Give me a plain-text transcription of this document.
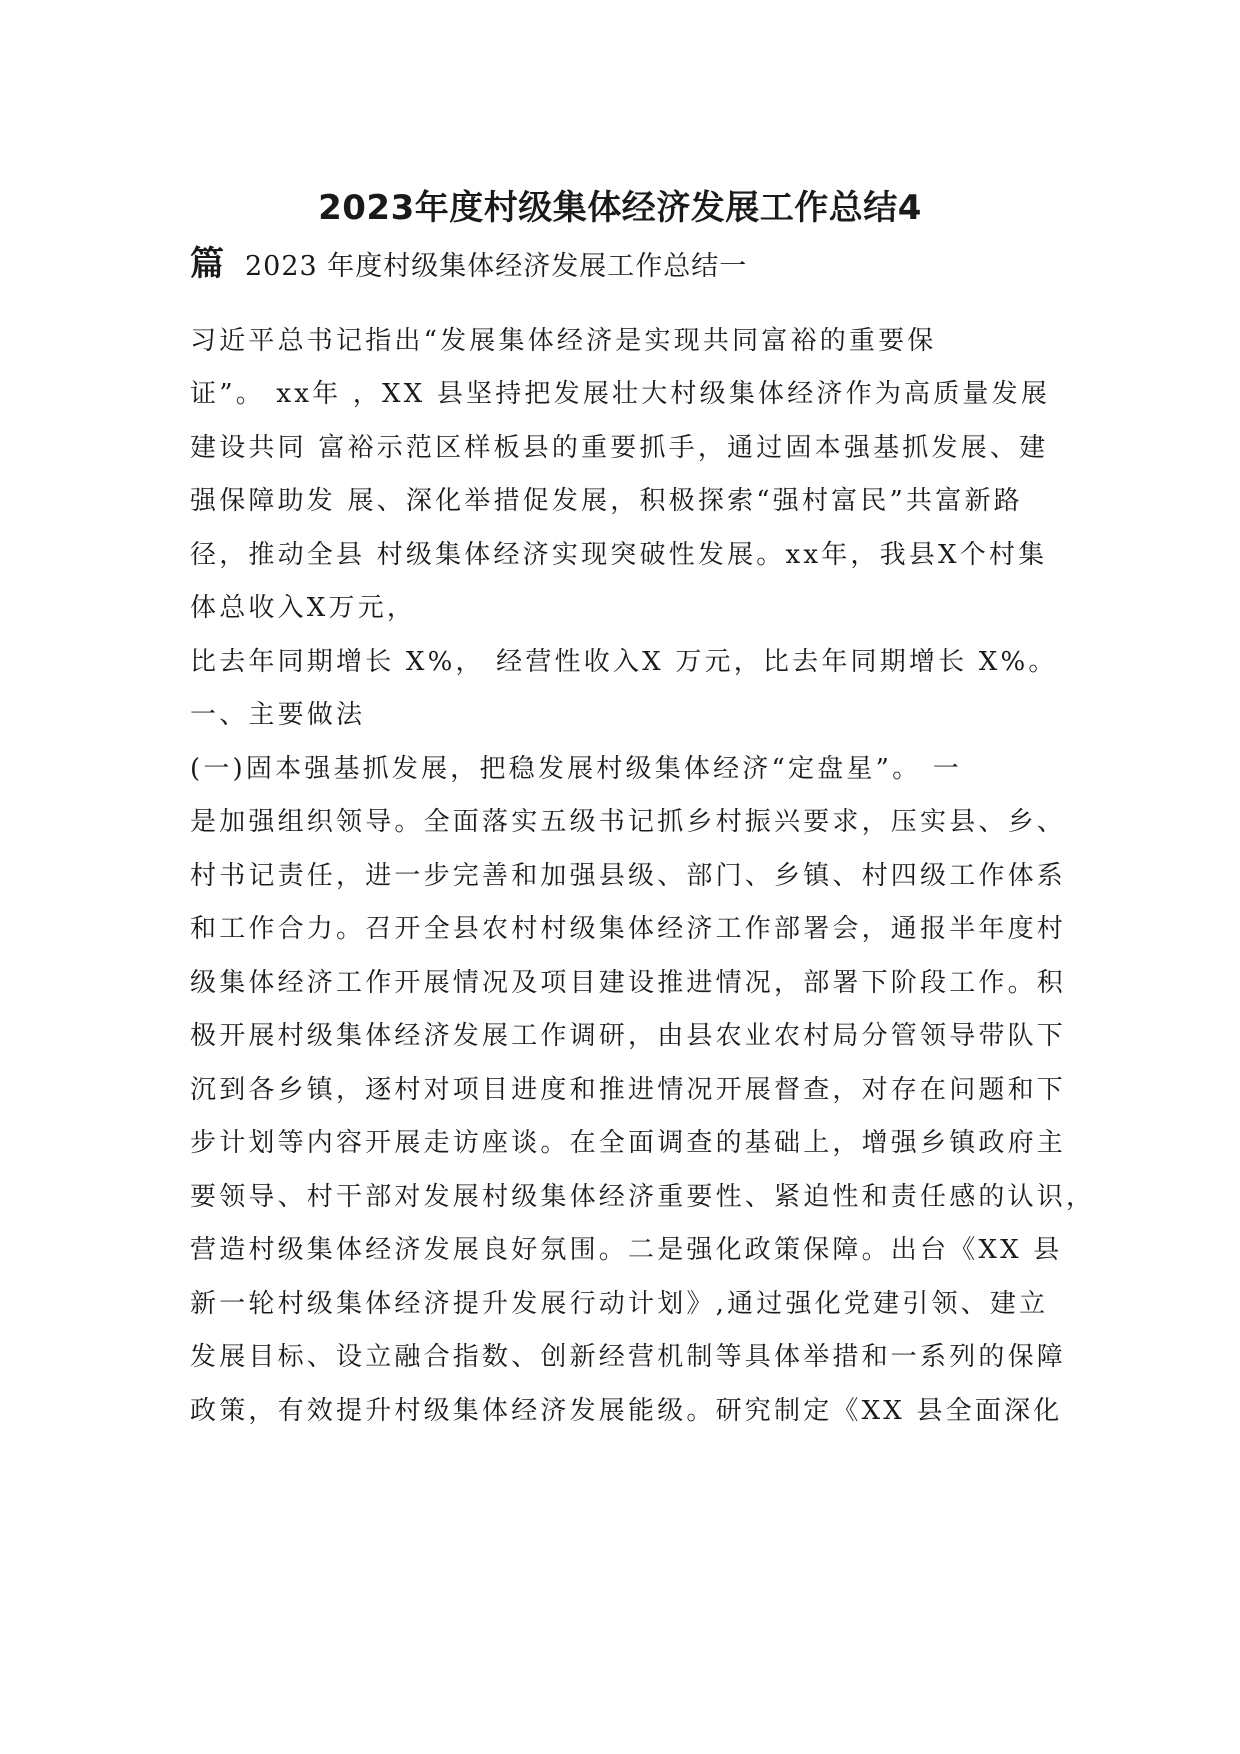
2023年度村级集体经济发展工作总结4
篇 2023 年度村级集体经济发展工作总结一
习近平总书记指出“发展集体经济是实现共同富裕的重要保
证”。 xx年 ，XX 县坚持把发展壮大村级集体经济作为高质量发展
建设共同 富裕示范区样板县的重要抓手，通过固本强基抓发展、建
强保障助发 展、深化举措促发展，积极探索“强村富民”共富新路
径，推动全县 村级集体经济实现突破性发展。xx年，我县X个村集
体总收入X万元，
比去年同期增长 X%， 经营性收入X 万元，比去年同期增长 X%。
一、主要做法
(一)固本强基抓发展，把稳发展村级集体经济“定盘星”。 一
是加强组织领导。全面落实五级书记抓乡村振兴要求，压实县、乡、
村书记责任，进一步完善和加强县级、部门、乡镇、村四级工作体系
和工作合力。召开全县农村村级集体经济工作部署会，通报半年度村
级集体经济工作开展情况及项目建设推进情况，部署下阶段工作。积
极开展村级集体经济发展工作调研，由县农业农村局分管领导带队下
沉到各乡镇，逐村对项目进度和推进情况开展督查，对存在问题和下
步计划等内容开展走访座谈。在全面调查的基础上，增强乡镇政府主
要领导、村干部对发展村级集体经济重要性、紧迫性和责任感的认识，
营造村级集体经济发展良好氛围。二是强化政策保障。出台《XX 县
新一轮村级集体经济提升发展行动计划》,通过强化党建引领、建立
发展目标、设立融合指数、创新经营机制等具体举措和一系列的保障
政策，有效提升村级集体经济发展能级。研究制定《XX 县全面深化
